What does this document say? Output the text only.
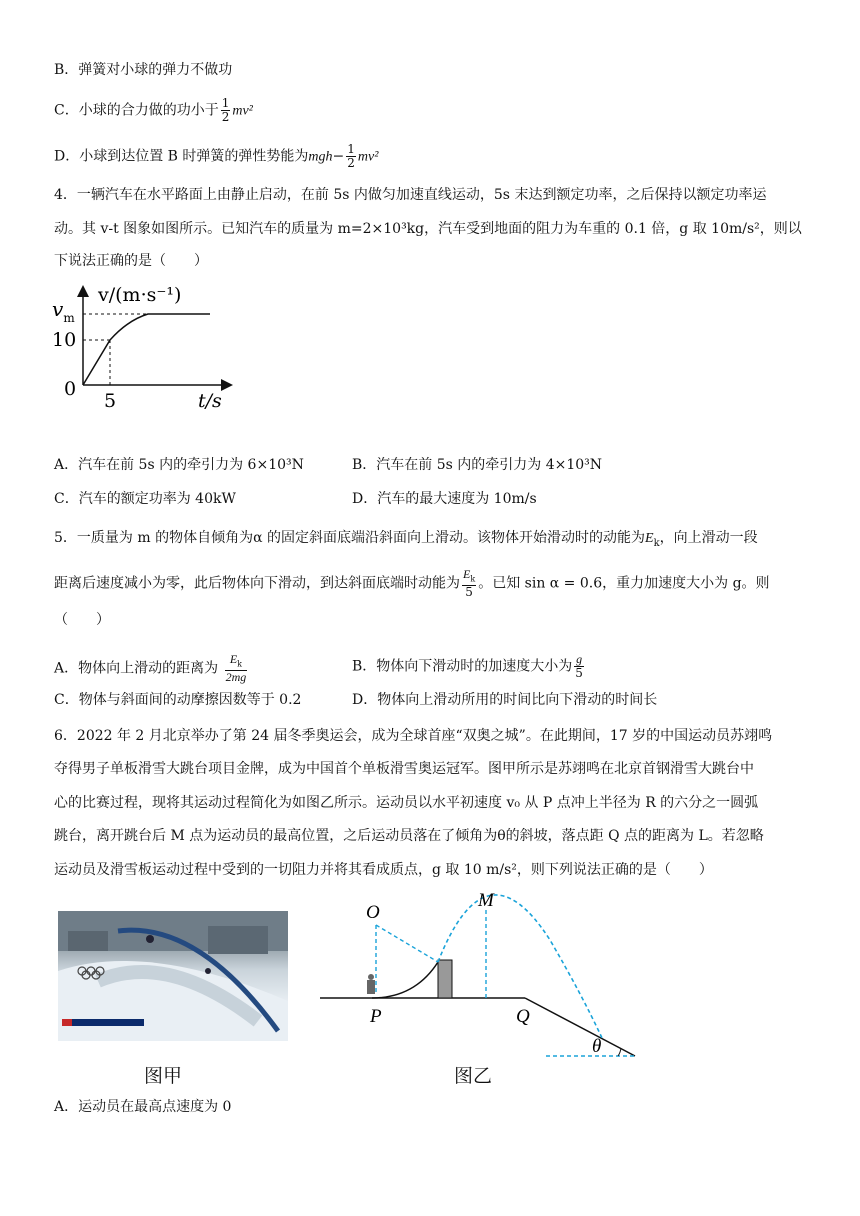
B．弹簧对小球的弹力不做功
C．小球的合力做的功小于 $\frac{1}{2} mv^2$
D．小球到达位置 B 时弹簧的弹性势能为$mgh- \frac{1}{2} mv^2$
4．一辆汽车在水平路面上由静止启动，在前 5s 内做匀加速直线运动，5s 末达到额定功率，之后保持以额定功率运
动。其 v-t 图象如图所示。已知汽车的质量为 m=2×10³kg，汽车受到地面的阻力为车重的 0.1 倍，g 取 10m/s²，则以
下说法正确的是（　　）
v/(m·s⁻¹)
$v_m$
10
0
5	t/s
A．汽车在前 5s 内的牵引力为 6×10³N	B．汽车在前 5s 内的牵引力为 4×10³N
C．汽车的额定功率为 40kW	D．汽车的最大速度为 10m/s
5．一质量为 m 的物体自倾角为α 的固定斜面底端沿斜面向上滑动。该物体开始滑动时的动能为$E_k$，向上滑动一段
距离后速度减小为零，此后物体向下滑动，到达斜面底端时动能为 $\frac{E_k}{5}$ 。已知 sin α = 0.6，重力加速度大小为 g。则
（　　）
A．物体向上滑动的距离为 $\frac{E_k}{2mg}$	B．物体向下滑动时的加速度大小为 $\frac{g}{5}$
C．物体与斜面间的动摩擦因数等于 0.2	D．物体向上滑动所用的时间比向下滑动的时间长
6．2022 年 2 月北京举办了第 24 届冬季奥运会，成为全球首座“双奥之城”。在此期间，17 岁的中国运动员苏翊鸣
夺得男子单板滑雪大跳台项目金牌，成为中国首个单板滑雪奥运冠军。图甲所示是苏翊鸣在北京首钢滑雪大跳台中
心的比赛过程，现将其运动过程简化为如图乙所示。运动员以水平初速度 v₀ 从 P 点冲上半径为 R 的六分之一圆弧
跳台，离开跳台后 M 点为运动员的最高位置，之后运动员落在了倾角为θ的斜坡，落点距 Q 点的距离为 L。若忽略
运动员及滑雪板运动过程中受到的一切阻力并将其看成质点，g 取 10 m/s²，则下列说法正确的是（　　）
图甲
O
M
P	Q
θ
图乙
A．运动员在最高点速度为 0
